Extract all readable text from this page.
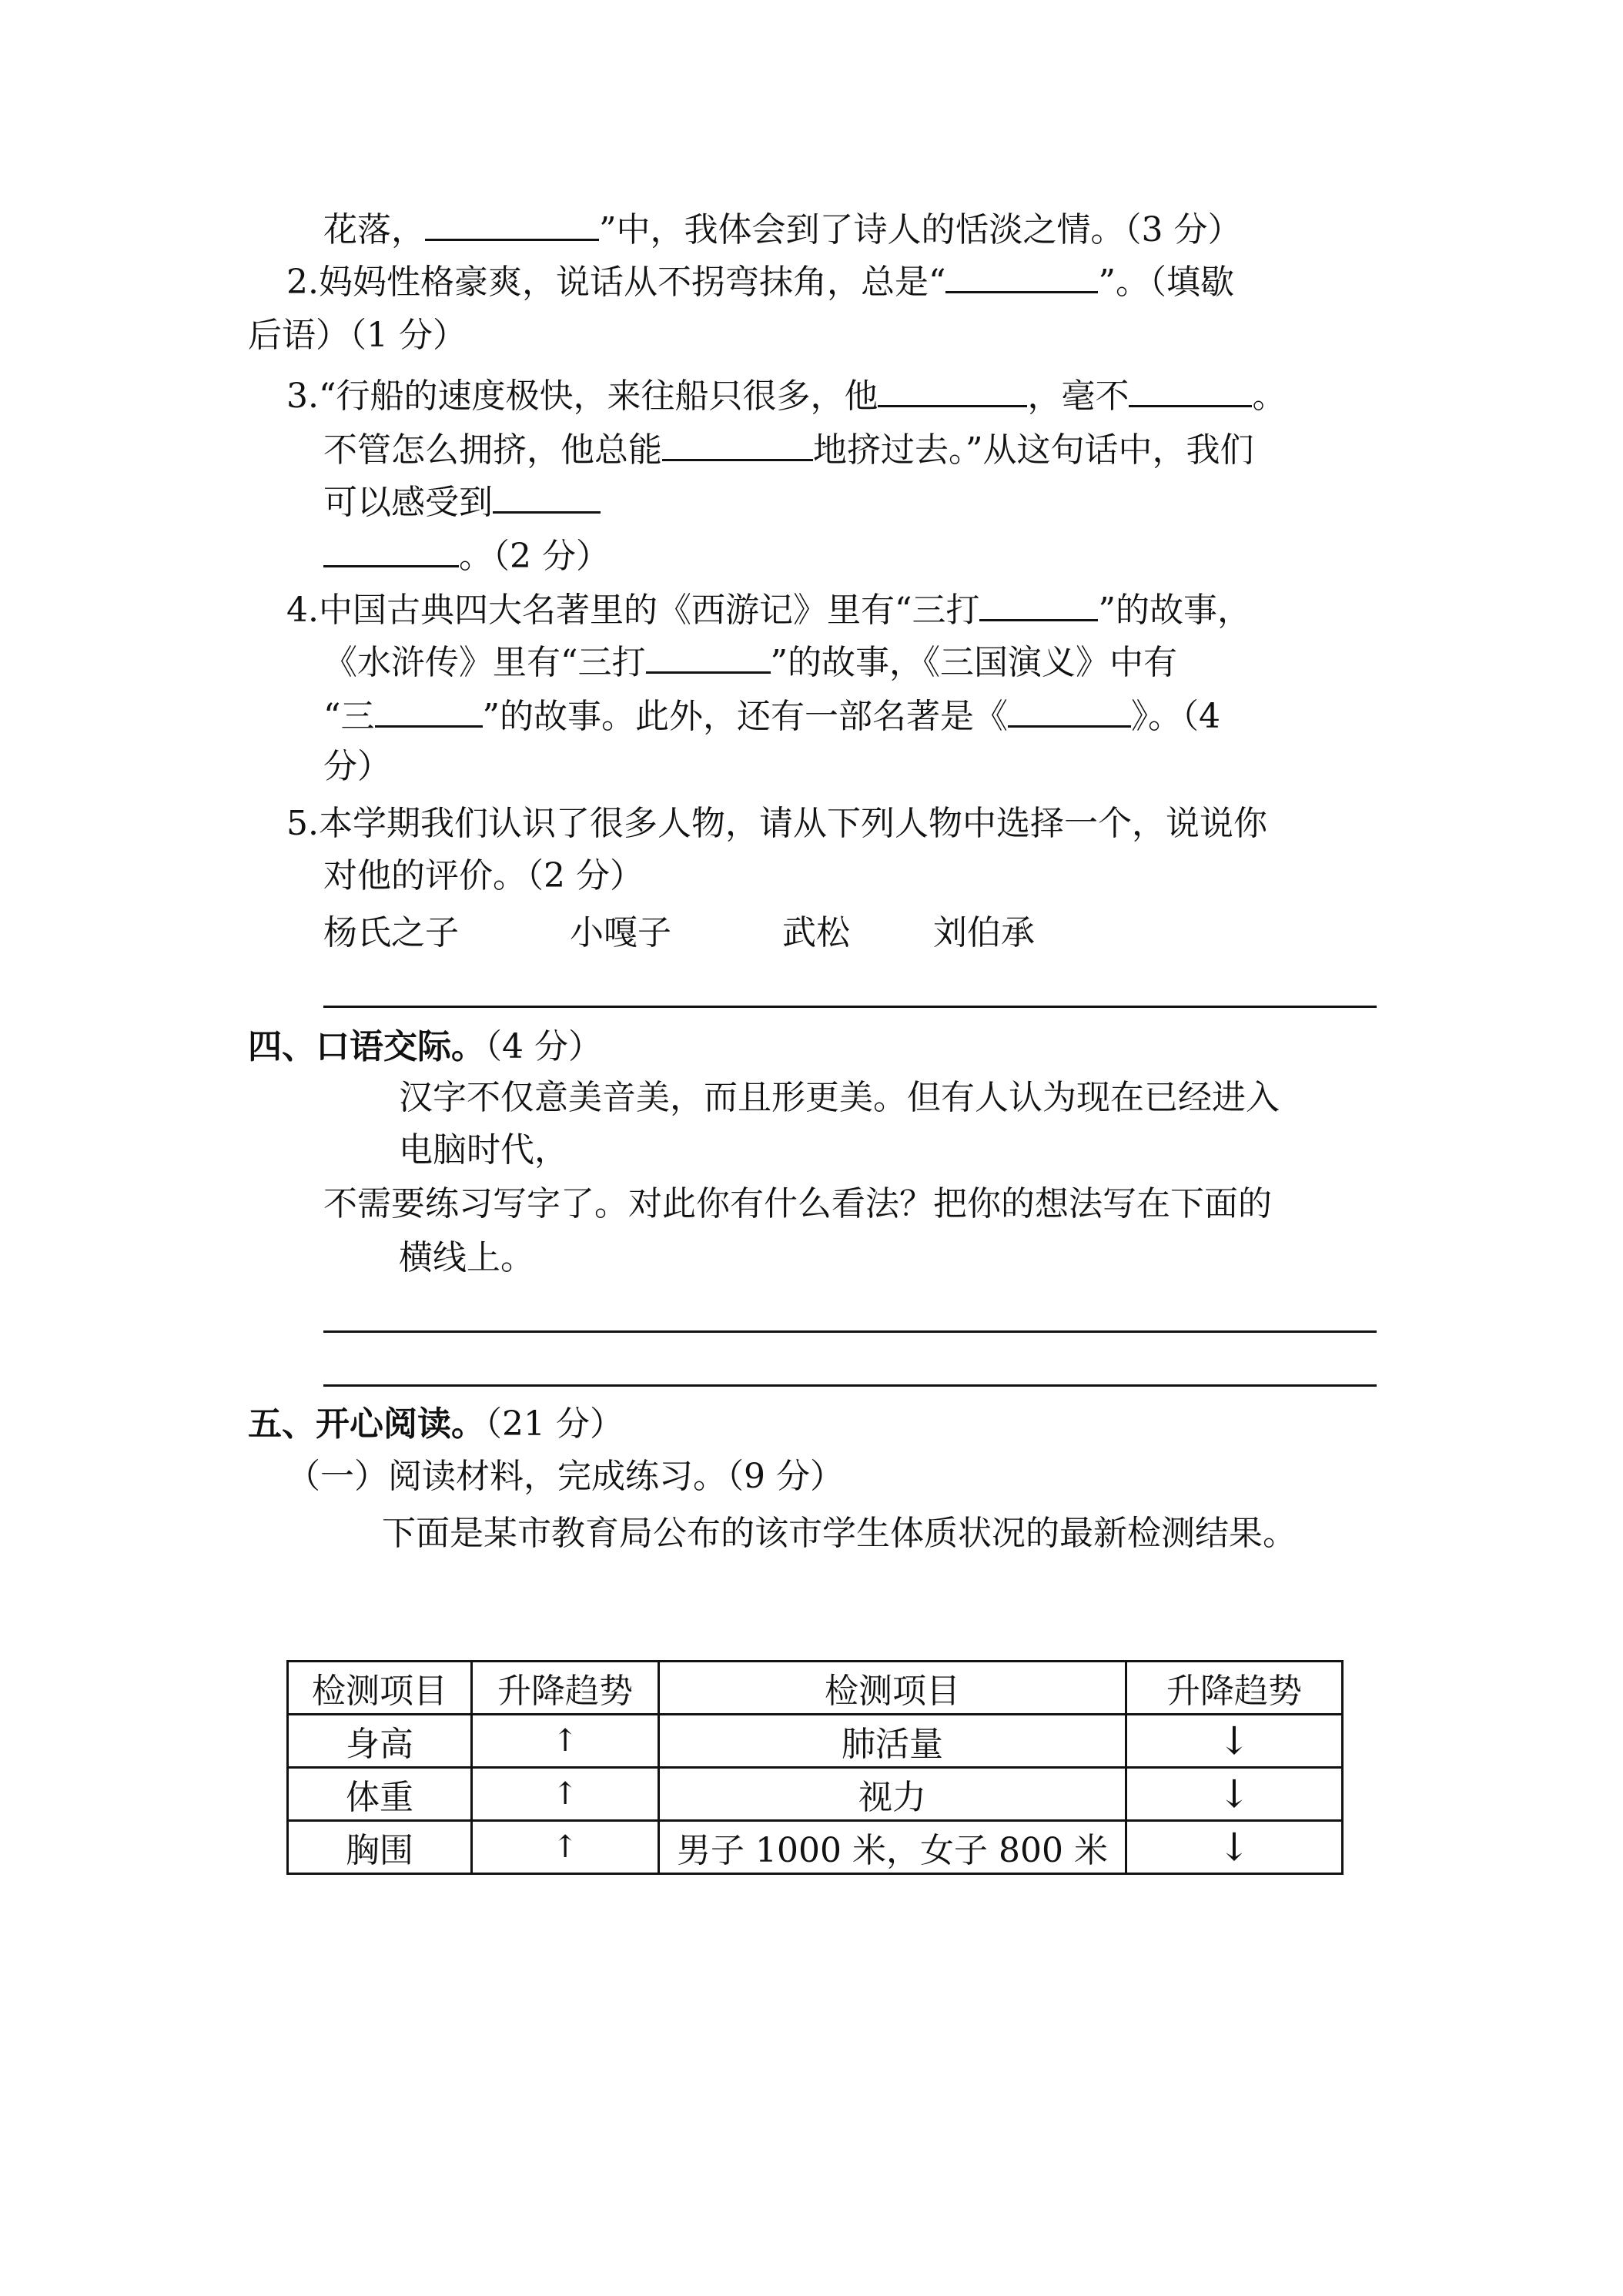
花落，	”中，我体会到了诗人的恬淡之情。（3 分）
2.妈妈性格豪爽，说话从不拐弯抹角，总是“	”。（填歇
后语）（1 分）
3.“行船的速度极快，来往船只很多，他	，毫不	。
不管怎么拥挤，他总能	地挤过去。”从这句话中，我们
可以感受到
。（2 分）
4.中国古典四大名著里的《西游记》里有“三打	”的故事，
《水浒传》里有“三打	”的故事，《三国演义》中有
“三	”的故事。此外，还有一部名著是《	》。（4
分）
5.本学期我们认识了很多人物，请从下列人物中选择一个，说说你
对他的评价。（2 分）
杨氏之子	小嘎子	武松 刘伯承
四、口语交际。（4 分）
汉字不仅意美音美，而且形更美。但有人认为现在已经进入
电脑时代，
不需要练习写字了。对此你有什么看法？把你的想法写在下面的
横线上。
五、开心阅读。（21 分）
（一）阅读材料，完成练习。（9 分）
下面是某市教育局公布的该市学生体质状况的最新检测结果。
检测项目	升降趋势	检测项目	升降趋势
身高	↑	肺活量	↓
体重	↑	视力	↓
胸围	↑	男子 1000 米，女子 800 米	↓
